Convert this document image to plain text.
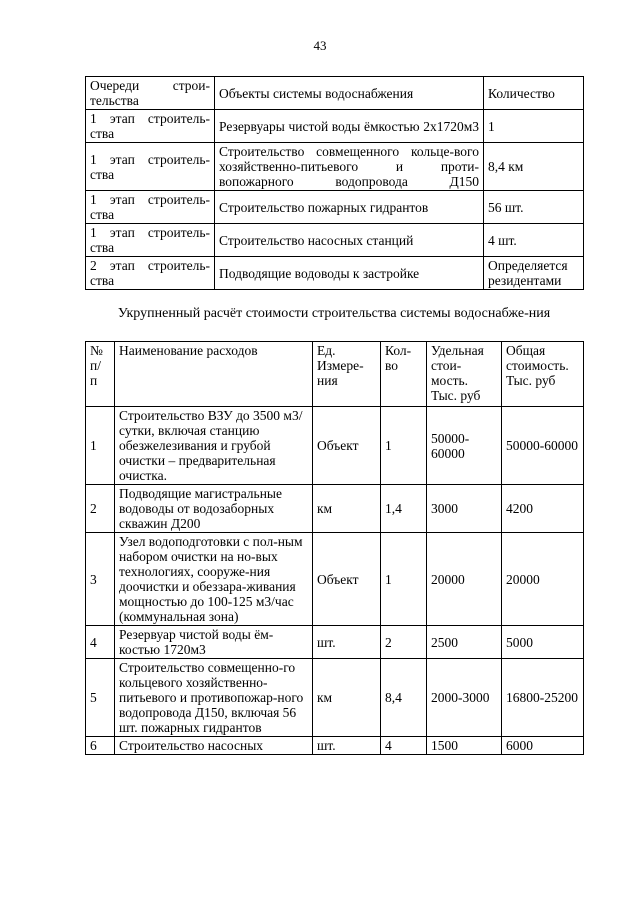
43
Очереди строи-тельства	Объекты системы водоснабжения	Количество
1 этап строитель-ства	Резервуары чистой воды ёмкостью 2х1720м3	1
1 этап строитель-ства	Строительство совмещенного кольце-вого хозяйственно-питьевого и проти-вопожарного водопровода Д150	8,4 км
1 этап строитель-ства	Строительство пожарных гидрантов	56 шт.
1 этап строитель-ства	Строительство насосных станций	4 шт.
2 этап строитель-ства	Подводящие водоводы к застройке	Определяется резидентами
Укрупненный расчёт стоимости строительства системы водоснабже-ния
№ п/ п	Наименование расходов	Ед. Измере-ния	Кол-во	Удельная стои-мость. Тыс. руб	Общая стоимость. Тыс. руб
1	Строительство ВЗУ до 3500 м3/сутки, включая станцию обезжелезивания и грубой очистки – предварительная очистка.	Объект	1	50000-60000	50000-60000
2	Подводящие магистральные водоводы от водозаборных скважин Д200	км	1,4	3000	4200
3	Узел водоподготовки с пол-ным набором очистки на но-вых технологиях, сооруже-ния доочистки и обеззара-живания мощностью до 100-125 м3/час (коммунальная зона)	Объект	1	20000	20000
4	Резервуар чистой воды ём-костью 1720м3	шт.	2	2500	5000
5	Строительство совмещенно-го кольцевого хозяйственно-питьевого и противопожар-ного водопровода Д150, включая 56 шт. пожарных гидрантов	км	8,4	2000-3000	16800-25200
6	Строительство насосных	шт.	4	1500	6000
